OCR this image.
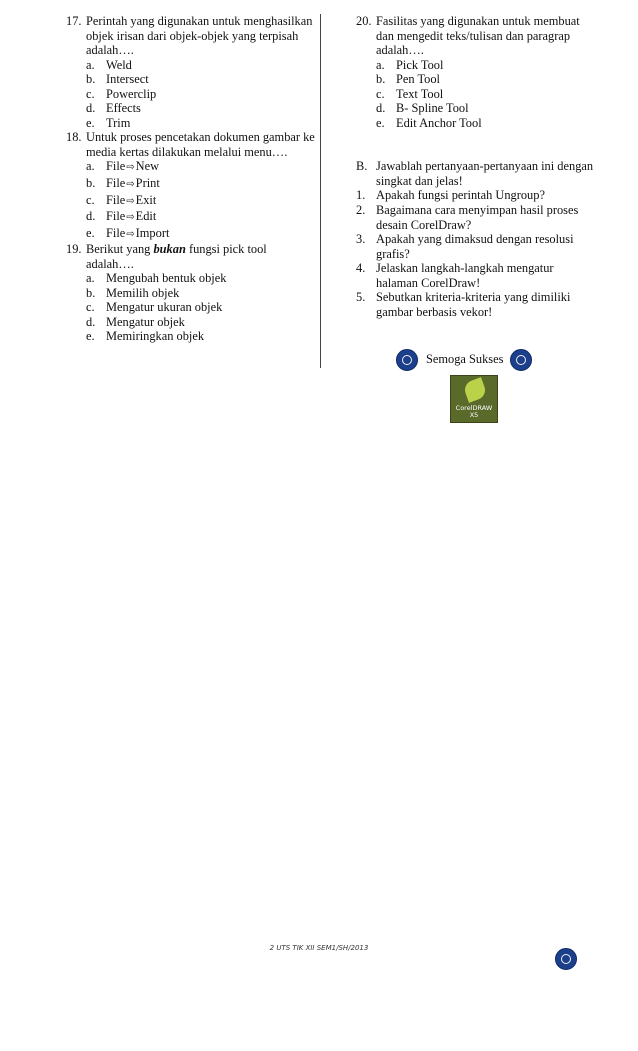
17. Perintah yang digunakan untuk menghasilkan objek irisan dari objek-objek yang terpisah adalah….
a. Weld
b. Intersect
c. Powerclip
d. Effects
e. Trim
18. Untuk proses pencetakan dokumen gambar ke media kertas dilakukan melalui menu….
a. File⇨New
b. File⇨Print
c. File⇨Exit
d. File⇨Edit
e. File⇨Import
19. Berikut yang bukan fungsi pick tool adalah….
a. Mengubah bentuk objek
b. Memilih objek
c. Mengatur ukuran objek
d. Mengatur objek
e. Memiringkan objek
20. Fasilitas yang digunakan untuk membuat dan mengedit teks/tulisan dan paragrap adalah….
a. Pick Tool
b. Pen Tool
c. Text Tool
d. B- Spline Tool
e. Edit Anchor Tool
B. Jawablah pertanyaan-pertanyaan ini dengan singkat dan jelas!
1. Apakah fungsi perintah Ungroup?
2. Bagaimana cara menyimpan hasil proses desain CorelDraw?
3. Apakah yang dimaksud dengan resolusi grafis?
4. Jelaskan langkah-langkah mengatur halaman CorelDraw!
5. Sebutkan kriteria-kriteria yang dimiliki gambar berbasis vekor!
Semoga Sukses
CorelDRAW
X5
2 UTS TIK XII SEM1/SH/2013
